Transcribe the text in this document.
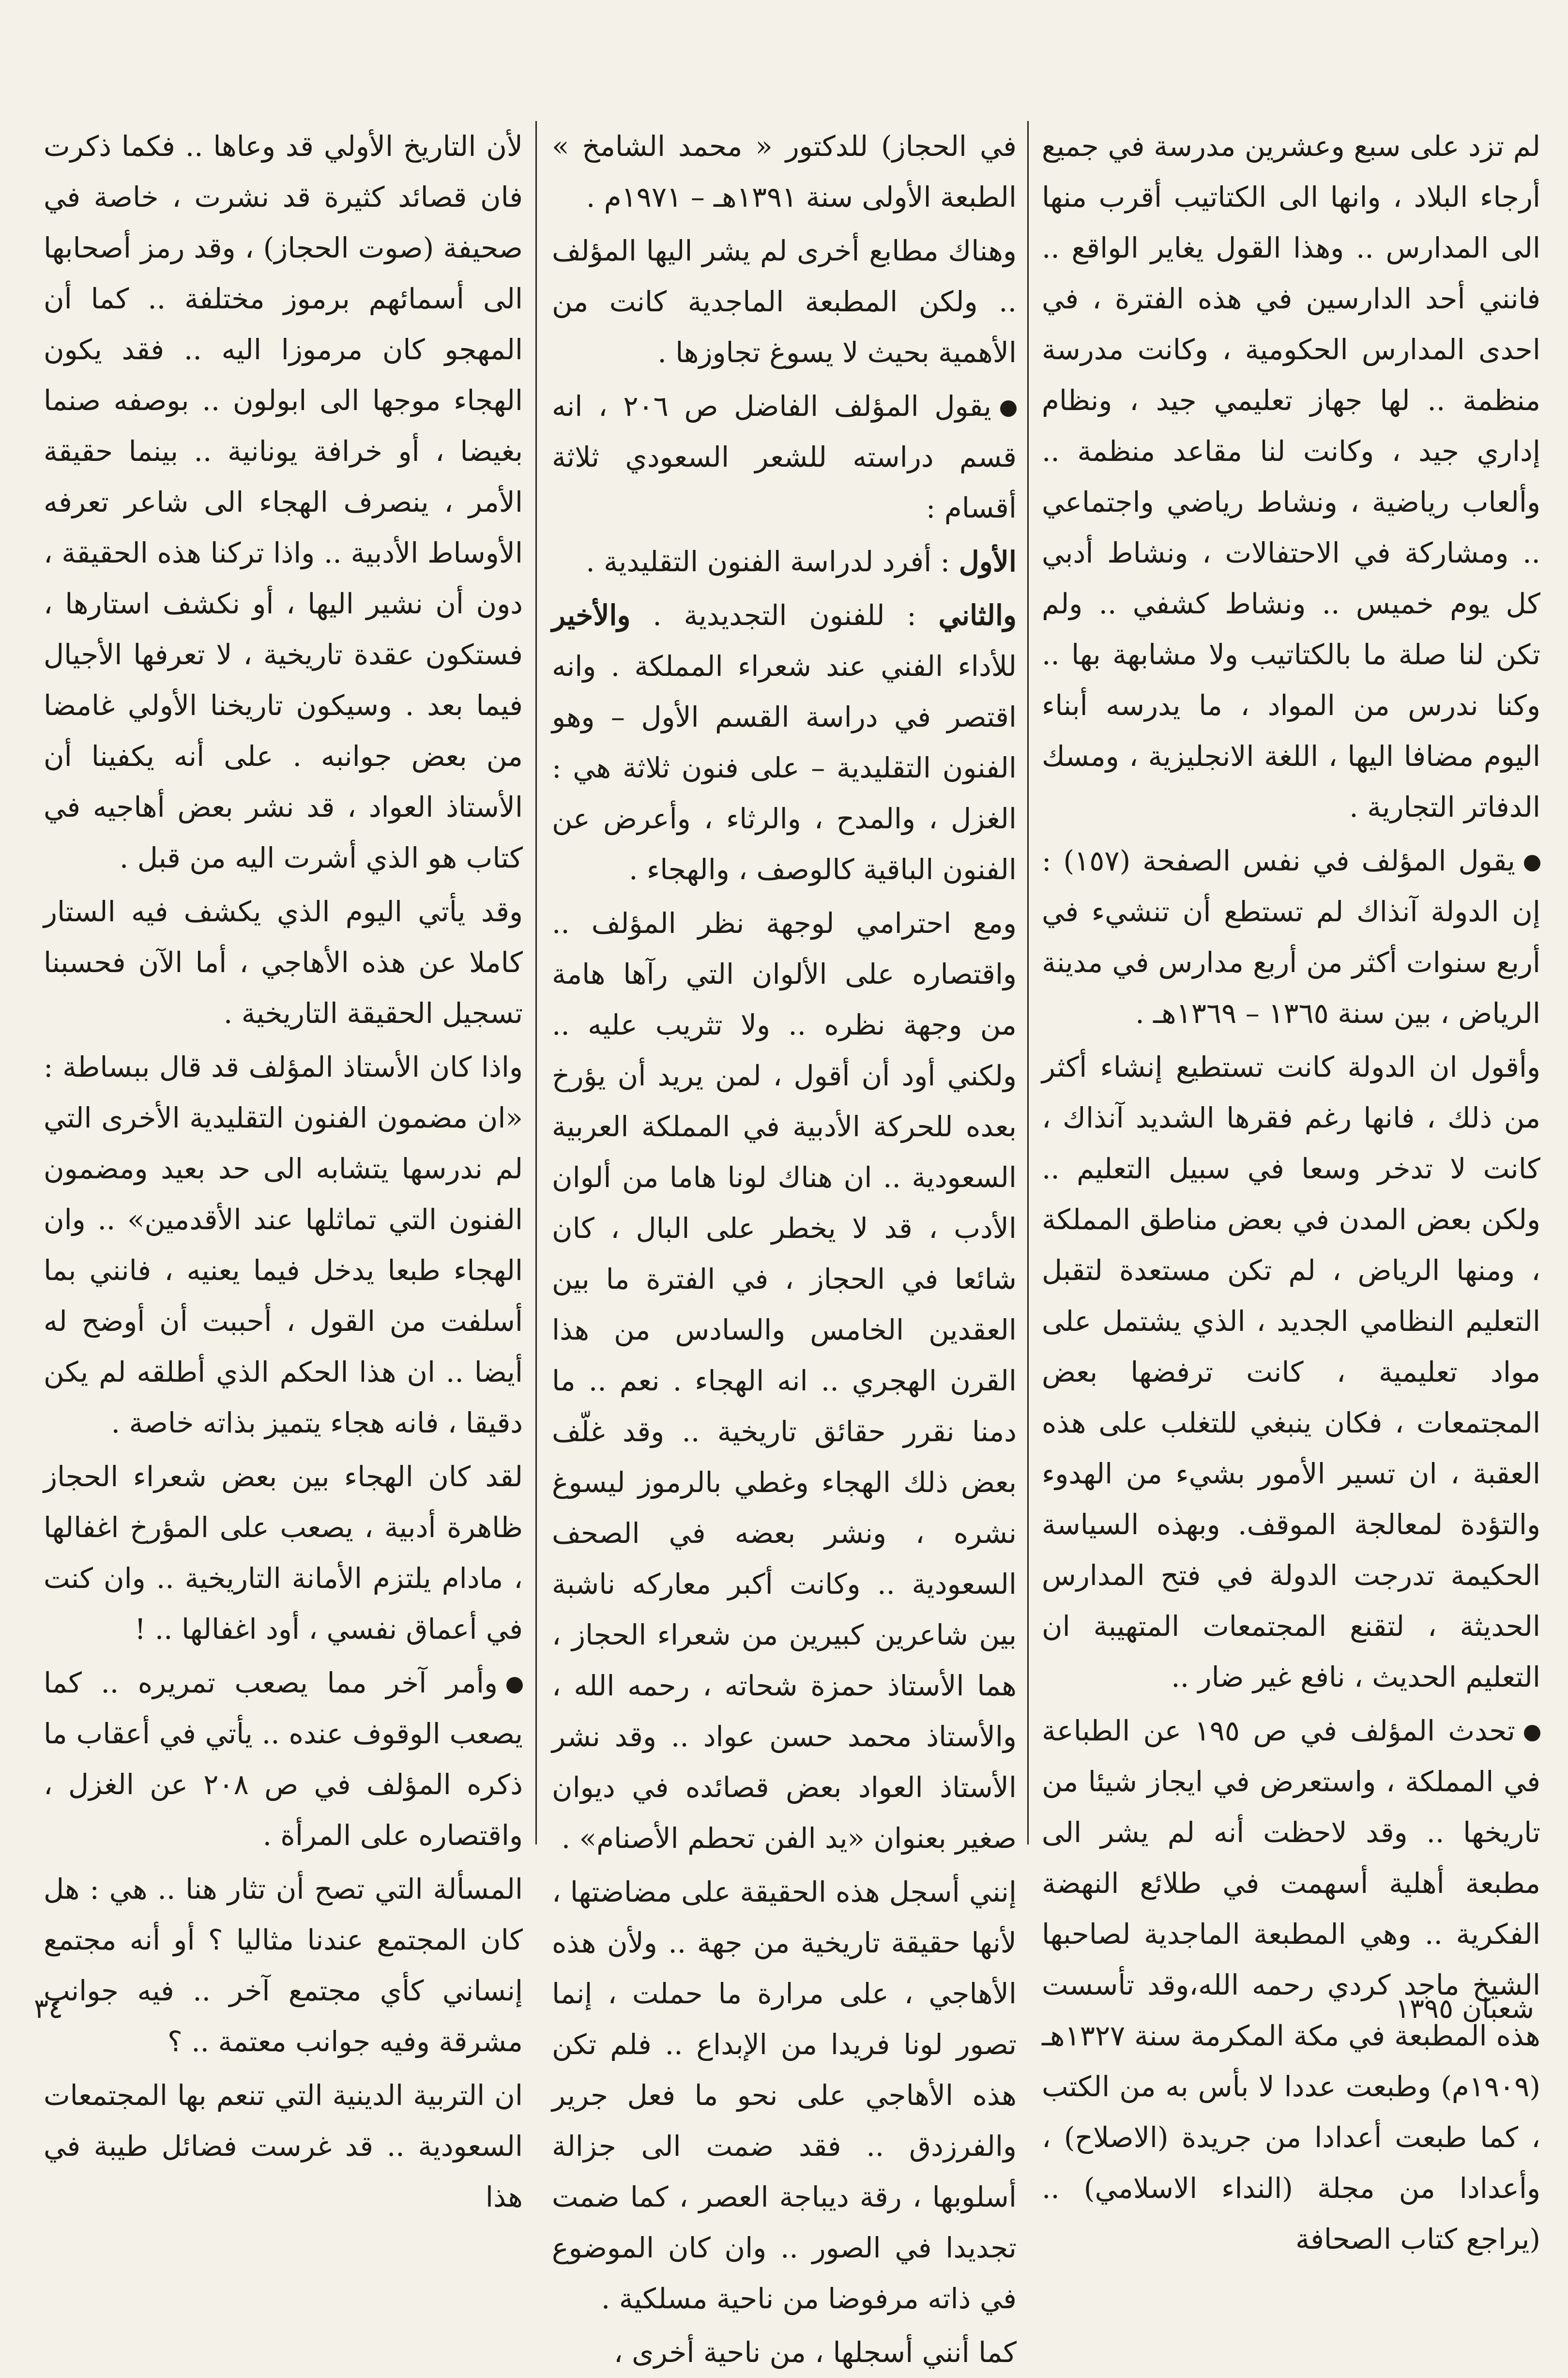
لم تزد على سبع وعشرين مدرسة في جميع أرجاء البلاد ، وانها الى الكتاتيب أقرب منها الى المدارس .. وهذا القول يغاير الواقع .. فانني أحد الدارسين في هذه الفترة ، في احدى المدارس الحكومية ، وكانت مدرسة منظمة .. لها جهاز تعليمي جيد ، ونظام إداري جيد ، وكانت لنا مقاعد منظمة .. وألعاب رياضية ، ونشاط رياضي واجتماعي .. ومشاركة في الاحتفالات ، ونشاط أدبي كل يوم خميس .. ونشاط كشفي .. ولم تكن لنا صلة ما بالكتاتيب ولا مشابهة بها .. وكنا ندرس من المواد ، ما يدرسه أبناء اليوم مضافا اليها ، اللغة الانجليزية ، ومسك الدفاتر التجارية .

يقول المؤلف في نفس الصفحة (١٥٧) : إن الدولة آنذاك لم تستطع أن تنشيء في أربع سنوات أكثر من أربع مدارس في مدينة الرياض ، بين سنة ١٣٦٥ – ١٣٦٩هـ .

وأقول ان الدولة كانت تستطيع إنشاء أكثر من ذلك ، فانها رغم فقرها الشديد آنذاك ، كانت لا تدخر وسعا في سبيل التعليم .. ولكن بعض المدن في بعض مناطق المملكة ، ومنها الرياض ، لم تكن مستعدة لتقبل التعليم النظامي الجديد ، الذي يشتمل على مواد تعليمية ، كانت ترفضها بعض المجتمعات ، فكان ينبغي للتغلب على هذه العقبة ، ان تسير الأمور بشيء من الهدوء والتؤدة لمعالجة الموقف. وبهذه السياسة الحكيمة تدرجت الدولة في فتح المدارس الحديثة ، لتقنع المجتمعات المتهيبة ان التعليم الحديث ، نافع غير ضار ..

تحدث المؤلف في ص ١٩٥ عن الطباعة في المملكة ، واستعرض في ايجاز شيئا من تاريخها .. وقد لاحظت أنه لم يشر الى مطبعة أهلية أسهمت في طلائع النهضة الفكرية .. وهي المطبعة الماجدية لصاحبها الشيخ ماجد كردي رحمه الله،وقد تأسست هذه المطبعة في مكة المكرمة سنة ١٣٢٧هـ (١٩٠٩م) وطبعت عددا لا بأس به من الكتب ، كما طبعت أعدادا من جريدة (الاصلاح) ، وأعدادا من مجلة (النداء الاسلامي) .. (يراجع كتاب الصحافة

في الحجاز) للدكتور « محمد الشامخ » الطبعة الأولى سنة ١٣٩١هـ – ١٩٧١م .

وهناك مطابع أخرى لم يشر اليها المؤلف .. ولكن المطبعة الماجدية كانت من الأهمية بحيث لا يسوغ تجاوزها .

يقول المؤلف الفاضل ص ٢٠٦ ، انه قسم دراسته للشعر السعودي ثلاثة أقسام :

الأول : أفرد لدراسة الفنون التقليدية .

والثاني : للفنون التجديدية . والأخير للأداء الفني عند شعراء المملكة . وانه اقتصر في دراسة القسم الأول – وهو الفنون التقليدية – على فنون ثلاثة هي : الغزل ، والمدح ، والرثاء ، وأعرض عن الفنون الباقية كالوصف ، والهجاء .

ومع احترامي لوجهة نظر المؤلف .. واقتصاره على الألوان التي رآها هامة من وجهة نظره .. ولا تثريب عليه .. ولكني أود أن أقول ، لمن يريد أن يؤرخ بعده للحركة الأدبية في المملكة العربية السعودية .. ان هناك لونا هاما من ألوان الأدب ، قد لا يخطر على البال ، كان شائعا في الحجاز ، في الفترة ما بين العقدين الخامس والسادس من هذا القرن الهجري .. انه الهجاء . نعم .. ما دمنا نقرر حقائق تاريخية .. وقد غلّف بعض ذلك الهجاء وغطي بالرموز ليسوغ نشره ، ونشر بعضه في الصحف السعودية .. وكانت أكبر معاركه ناشبة بين شاعرين كبيرين من شعراء الحجاز ، هما الأستاذ حمزة شحاته ، رحمه الله ، والأستاذ محمد حسن عواد .. وقد نشر الأستاذ العواد بعض قصائده في ديوان صغير بعنوان «يد الفن تحطم الأصنام» .

إنني أسجل هذه الحقيقة على مضاضتها ، لأنها حقيقة تاريخية من جهة .. ولأن هذه الأهاجي ، على مرارة ما حملت ، إنما تصور لونا فريدا من الإبداع .. فلم تكن هذه الأهاجي على نحو ما فعل جرير والفرزدق .. فقد ضمت الى جزالة أسلوبها ، رقة ديباجة العصر ، كما ضمت تجديدا في الصور .. وان كان الموضوع في ذاته مرفوضا من ناحية مسلكية .

كما أنني أسجلها ، من ناحية أخرى ،

لأن التاريخ الأولي قد وعاها .. فكما ذكرت فان قصائد كثيرة قد نشرت ، خاصة في صحيفة (صوت الحجاز) ، وقد رمز أصحابها الى أسمائهم برموز مختلفة .. كما أن المهجو كان مرموزا اليه .. فقد يكون الهجاء موجها الى ابولون .. بوصفه صنما بغيضا ، أو خرافة يونانية .. بينما حقيقة الأمر ، ينصرف الهجاء الى شاعر تعرفه الأوساط الأدبية .. واذا تركنا هذه الحقيقة ، دون أن نشير اليها ، أو نكشف استارها ، فستكون عقدة تاريخية ، لا تعرفها الأجيال فيما بعد . وسيكون تاريخنا الأولي غامضا من بعض جوانبه . على أنه يكفينا أن الأستاذ العواد ، قد نشر بعض أهاجيه في كتاب هو الذي أشرت اليه من قبل .

وقد يأتي اليوم الذي يكشف فيه الستار كاملا عن هذه الأهاجي ، أما الآن فحسبنا تسجيل الحقيقة التاريخية .

واذا كان الأستاذ المؤلف قد قال ببساطة : «ان مضمون الفنون التقليدية الأخرى التي لم ندرسها يتشابه الى حد بعيد ومضمون الفنون التي تماثلها عند الأقدمين» .. وان الهجاء طبعا يدخل فيما يعنيه ، فانني بما أسلفت من القول ، أحببت أن أوضح له أيضا .. ان هذا الحكم الذي أطلقه لم يكن دقيقا ، فانه هجاء يتميز بذاته خاصة .

لقد كان الهجاء بين بعض شعراء الحجاز ظاهرة أدبية ، يصعب على المؤرخ اغفالها ، مادام يلتزم الأمانة التاريخية .. وان كنت في أعماق نفسي ، أود اغفالها .. !

وأمر آخر مما يصعب تمريره .. كما يصعب الوقوف عنده .. يأتي في أعقاب ما ذكره المؤلف في ص ٢٠٨ عن الغزل ، واقتصاره على المرأة .

المسألة التي تصح أن تثار هنا .. هي : هل كان المجتمع عندنا مثاليا ؟ أو أنه مجتمع إنساني كأي مجتمع آخر .. فيه جوانب مشرقة وفيه جوانب معتمة .. ؟

ان التربية الدينية التي تنعم بها المجتمعات السعودية .. قد غرست فضائل طيبة في هذا

شعبان ١٣٩٥
٣٤
